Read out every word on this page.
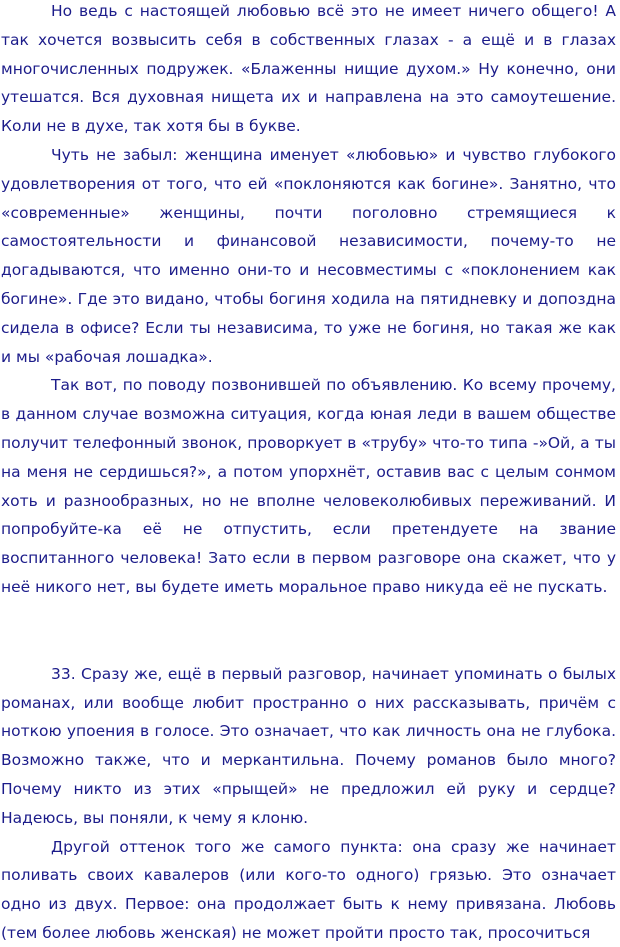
Но ведь с настоящей любовью всё это не имеет ничего общего! А так хочется возвысить себя в собственных глазах - а ещё и в глазах многочисленных подружек. «Блаженны нищие духом.» Ну конечно, они утешатся. Вся духовная нищета их и направлена на это самоутешение. Коли не в духе, так хотя бы в букве.

Чуть не забыл: женщина именует «любовью» и чувство глубокого удовлетворения от того, что ей «поклоняются как богине». Занятно, что «современные» женщины, почти поголовно стремящиеся к самостоятельности и финансовой независимости, почему-то не догадываются, что именно они-то и несовместимы с «поклонением как богине». Где это видано, чтобы богиня ходила на пятидневку и допоздна сидела в офисе? Если ты независима, то уже не богиня, но такая же как и мы «рабочая лошадка».

Так вот, по поводу позвонившей по объявлению. Ко всему прочему, в данном случае возможна ситуация, когда юная леди в вашем обществе получит телефонный звонок, проворкует в «трубу» что-то типа -»Ой, а ты на меня не сердишься?», а потом упорхнёт, оставив вас с целым сонмом хоть и разнообразных, но не вполне человеколюбивых переживаний. И попробуйте-ка её не отпустить, если претендуете на звание воспитанного человека! Зато если в первом разговоре она скажет, что у неё никого нет, вы будете иметь моральное право никуда её не пускать.

33. Сразу же, ещё в первый разговор, начинает упоминать о былых романах, или вообще любит пространно о них рассказывать, причём с ноткою упоения в голосе. Это означает, что как личность она не глубока. Возможно также, что и меркантильна. Почему романов было много? Почему никто из этих «прыщей» не предложил ей руку и сердце? Надеюсь, вы поняли, к чему я клоню.

Другой оттенок того же самого пункта: она сразу же начинает поливать своих кавалеров (или кого-то одного) грязью. Это означает одно из двух. Первое: она продолжает быть к нему привязана. Любовь (тем более любовь женская) не может пройти просто так, просочиться
